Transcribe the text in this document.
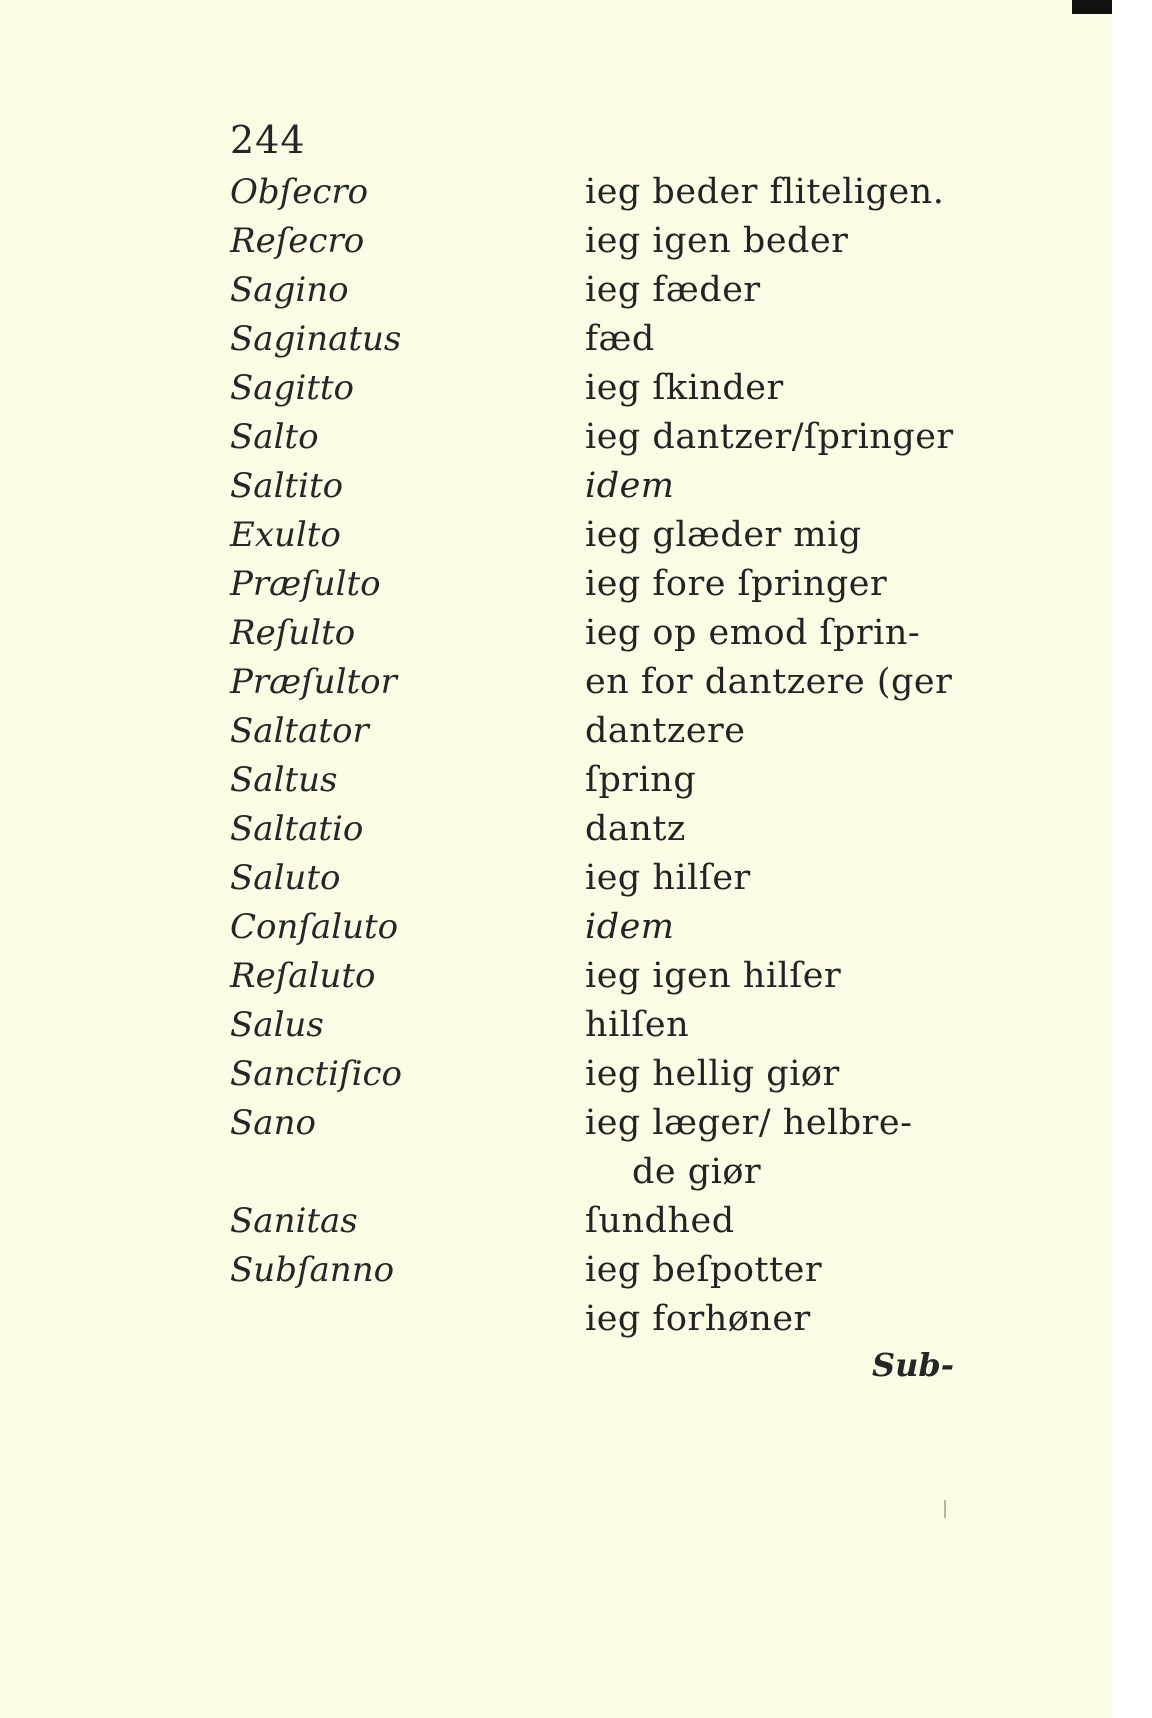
244
Obſecro
Reſecro
Sagino
Saginatus
Sagitto
Salto
Saltito
Exulto
Præſulto
Reſulto
Præſultor
Saltator
Saltus
Saltatio
Saluto
Conſaluto
Reſaluto
Salus
Sanctiſico
Sano
Sanitas
Subſanno
ieg beder fliteligen.
ieg igen beder
ieg fæder
fæd
ieg ſkinder
ieg dantzer/ſpringer
idem
ieg glæder mig
ieg fore ſpringer
ieg op emod ſprin-
en for dantzere (ger
dantzere
ſpring
dantz
ieg hilſer
idem
ieg igen hilſer
hilſen
ieg hellig giør
ieg læger/ helbre-
de giør
ſundhed
ieg beſpotter
ieg forhøner
Sub-
